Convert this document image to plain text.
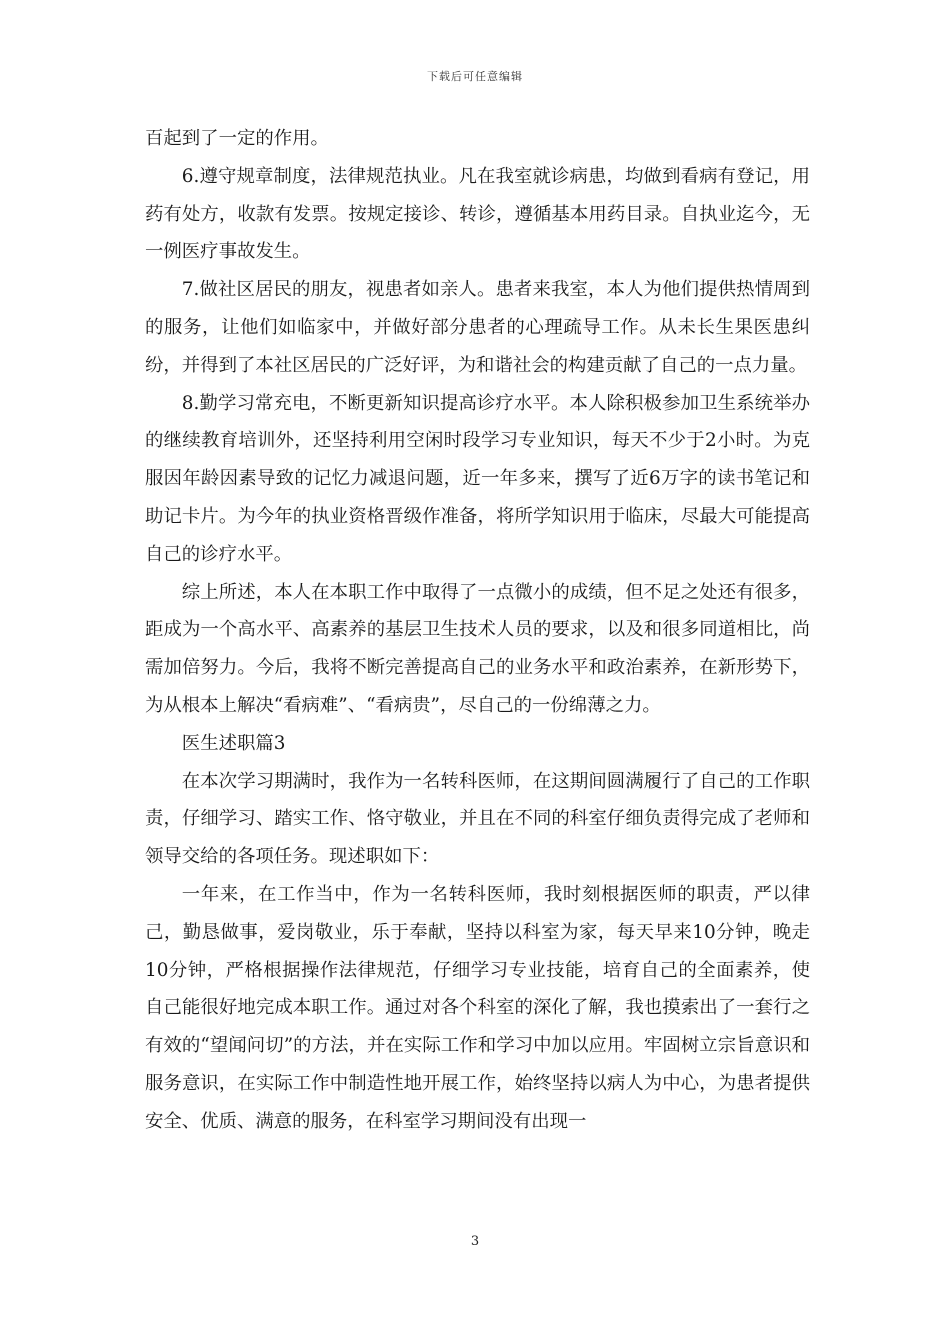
下载后可任意编辑

百起到了一定的作用。

6.遵守规章制度，法律规范执业。凡在我室就诊病患，均做到看病有登记，用药有处方，收款有发票。按规定接诊、转诊，遵循基本用药目录。自执业迄今，无一例医疗事故发生。

7.做社区居民的朋友，视患者如亲人。患者来我室，本人为他们提供热情周到的服务，让他们如临家中，并做好部分患者的心理疏导工作。从未长生果医患纠纷，并得到了本社区居民的广泛好评，为和谐社会的构建贡献了自己的一点力量。

8.勤学习常充电，不断更新知识提高诊疗水平。本人除积极参加卫生系统举办的继续教育培训外，还坚持利用空闲时段学习专业知识，每天不少于2小时。为克服因年龄因素导致的记忆力减退问题，近一年多来，撰写了近6万字的读书笔记和助记卡片。为今年的执业资格晋级作准备，将所学知识用于临床，尽最大可能提高自己的诊疗水平。

综上所述，本人在本职工作中取得了一点微小的成绩，但不足之处还有很多，距成为一个高水平、高素养的基层卫生技术人员的要求，以及和很多同道相比，尚需加倍努力。今后，我将不断完善提高自己的业务水平和政治素养，在新形势下，为从根本上解决“看病难”、“看病贵”，尽自己的一份绵薄之力。

医生述职篇3

在本次学习期满时，我作为一名转科医师，在这期间圆满履行了自己的工作职责，仔细学习、踏实工作、恪守敬业，并且在不同的科室仔细负责得完成了老师和领导交给的各项任务。现述职如下：

一年来，在工作当中，作为一名转科医师，我时刻根据医师的职责，严以律己，勤恳做事，爱岗敬业，乐于奉献，坚持以科室为家，每天早来10分钟，晚走10分钟，严格根据操作法律规范，仔细学习专业技能，培育自己的全面素养，使自己能很好地完成本职工作。通过对各个科室的深化了解，我也摸索出了一套行之有效的“望闻问切”的方法，并在实际工作和学习中加以应用。牢固树立宗旨意识和服务意识，在实际工作中制造性地开展工作，始终坚持以病人为中心，为患者提供安全、优质、满意的服务，在科室学习期间没有出现一

3
